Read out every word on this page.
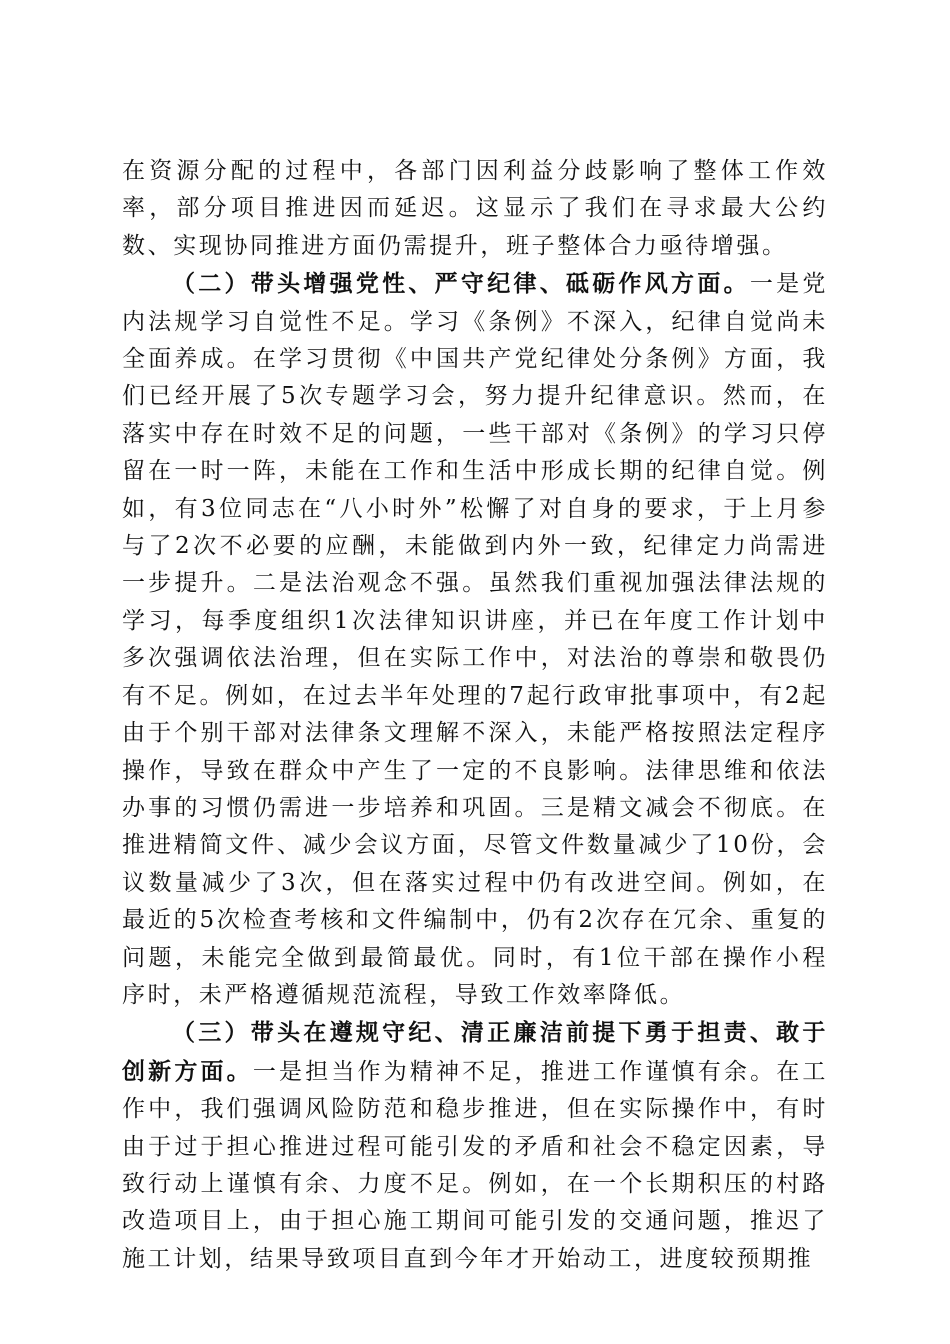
在资源分配的过程中，各部门因利益分歧影响了整体工作效率，部分项目推进因而延迟。这显示了我们在寻求最大公约数、实现协同推进方面仍需提升，班子整体合力亟待增强。

（二）带头增强党性、严守纪律、砥砺作风方面。一是党内法规学习自觉性不足。学习《条例》不深入，纪律自觉尚未全面养成。在学习贯彻《中国共产党纪律处分条例》方面，我们已经开展了5次专题学习会，努力提升纪律意识。然而，在落实中存在时效不足的问题，一些干部对《条例》的学习只停留在一时一阵，未能在工作和生活中形成长期的纪律自觉。例如，有3位同志在“八小时外”松懈了对自身的要求，于上月参与了2次不必要的应酬，未能做到内外一致，纪律定力尚需进一步提升。二是法治观念不强。虽然我们重视加强法律法规的学习，每季度组织1次法律知识讲座，并已在年度工作计划中多次强调依法治理，但在实际工作中，对法治的尊崇和敬畏仍有不足。例如，在过去半年处理的7起行政审批事项中，有2起由于个别干部对法律条文理解不深入，未能严格按照法定程序操作，导致在群众中产生了一定的不良影响。法律思维和依法办事的习惯仍需进一步培养和巩固。三是精文减会不彻底。在推进精简文件、减少会议方面，尽管文件数量减少了10份，会议数量减少了3次，但在落实过程中仍有改进空间。例如，在最近的5次检查考核和文件编制中，仍有2次存在冗余、重复的问题，未能完全做到最简最优。同时，有1位干部在操作小程序时，未严格遵循规范流程，导致工作效率降低。

（三）带头在遵规守纪、清正廉洁前提下勇于担责、敢于创新方面。一是担当作为精神不足，推进工作谨慎有余。在工作中，我们强调风险防范和稳步推进，但在实际操作中，有时由于过于担心推进过程可能引发的矛盾和社会不稳定因素，导致行动上谨慎有余、力度不足。例如，在一个长期积压的村路改造项目上，由于担心施工期间可能引发的交通问题，推迟了施工计划，结果导致项目直到今年才开始动工，进度较预期推
